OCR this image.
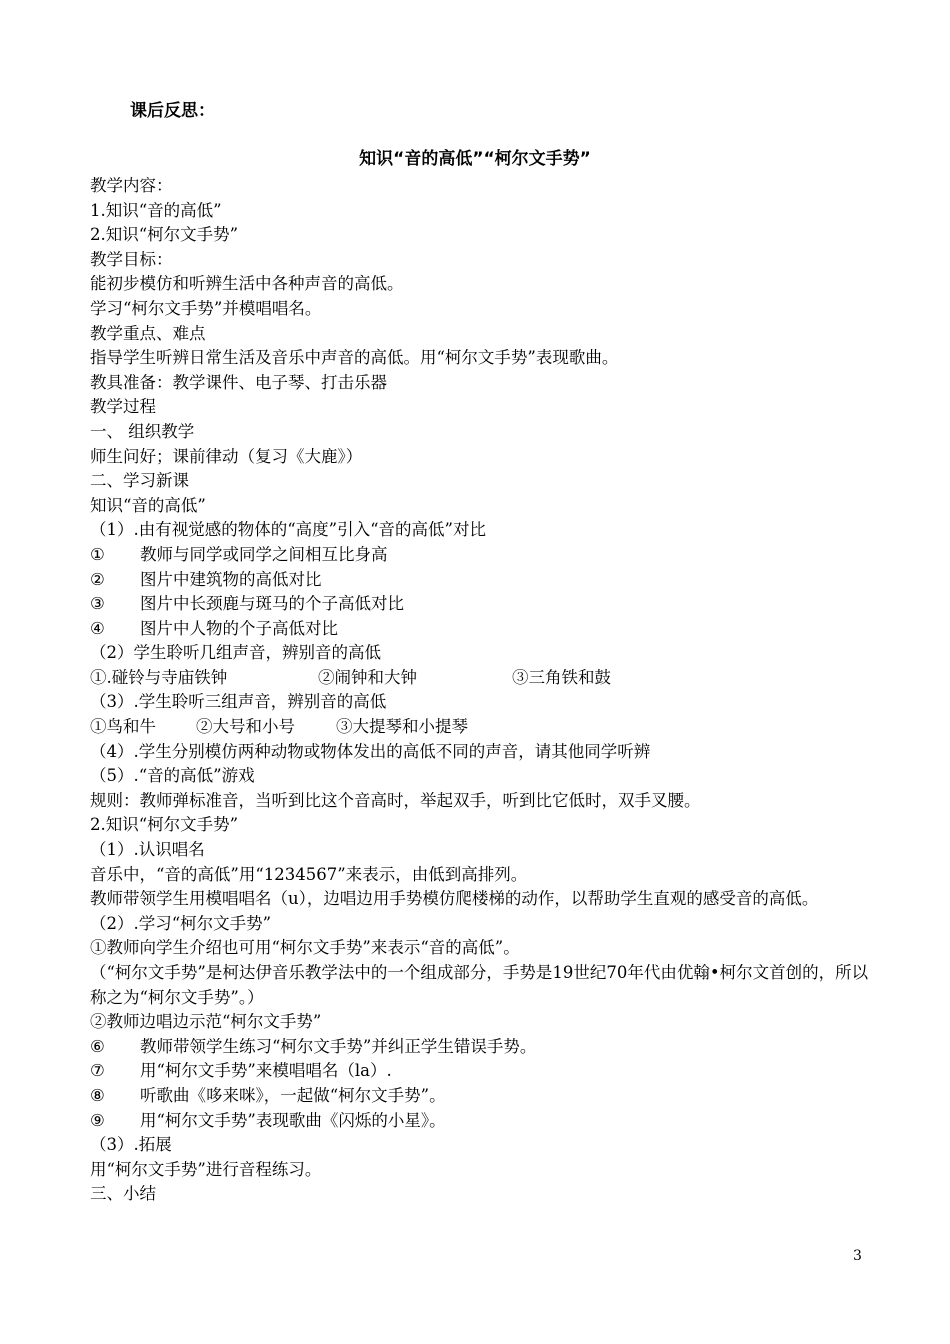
课后反思：
知识“音的高低”“柯尔文手势”
教学内容：
1.知识“音的高低”
2.知识“柯尔文手势”
教学目标：
能初步模仿和听辨生活中各种声音的高低。
学习“柯尔文手势”并模唱唱名。
教学重点、难点
指导学生听辨日常生活及音乐中声音的高低。用“柯尔文手势”表现歌曲。
教具准备：教学课件、电子琴、打击乐器
教学过程
一、 组织教学
师生问好；课前律动（复习《大鹿》）
二、学习新课
知识“音的高低”
（1）.由有视觉感的物体的“高度”引入“音的高低”对比
① 教师与同学或同学之间相互比身高
② 图片中建筑物的高低对比
③ 图片中长颈鹿与斑马的个子高低对比
④ 图片中人物的个子高低对比
（2）学生聆听几组声音，辨别音的高低
①.碰铃与寺庙铁钟	②闹钟和大钟	③三角铁和鼓
（3）.学生聆听三组声音，辨别音的高低
①鸟和牛 ②大号和小号 ③大提琴和小提琴
（4）.学生分别模仿两种动物或物体发出的高低不同的声音，请其他同学听辨
（5）.“音的高低”游戏
规则：教师弹标准音，当听到比这个音高时，举起双手，听到比它低时，双手叉腰。
2.知识“柯尔文手势”
（1）.认识唱名
音乐中，“音的高低”用“1234567”来表示，由低到高排列。
教师带领学生用模唱唱名（u），边唱边用手势模仿爬楼梯的动作，以帮助学生直观的感受音的高低。
（2）.学习“柯尔文手势”
①教师向学生介绍也可用“柯尔文手势”来表示“音的高低”。
（“柯尔文手势”是柯达伊音乐教学法中的一个组成部分，手势是19世纪70年代由优翰•柯尔文首创的，所以称之为“柯尔文手势”。）
②教师边唱边示范“柯尔文手势”
⑥ 教师带领学生练习“柯尔文手势”并纠正学生错误手势。
⑦ 用“柯尔文手势”来模唱唱名（la）.
⑧ 听歌曲《哆来咪》，一起做“柯尔文手势”。
⑨ 用“柯尔文手势”表现歌曲《闪烁的小星》。
（3）.拓展
用“柯尔文手势”进行音程练习。
三、小结
3
